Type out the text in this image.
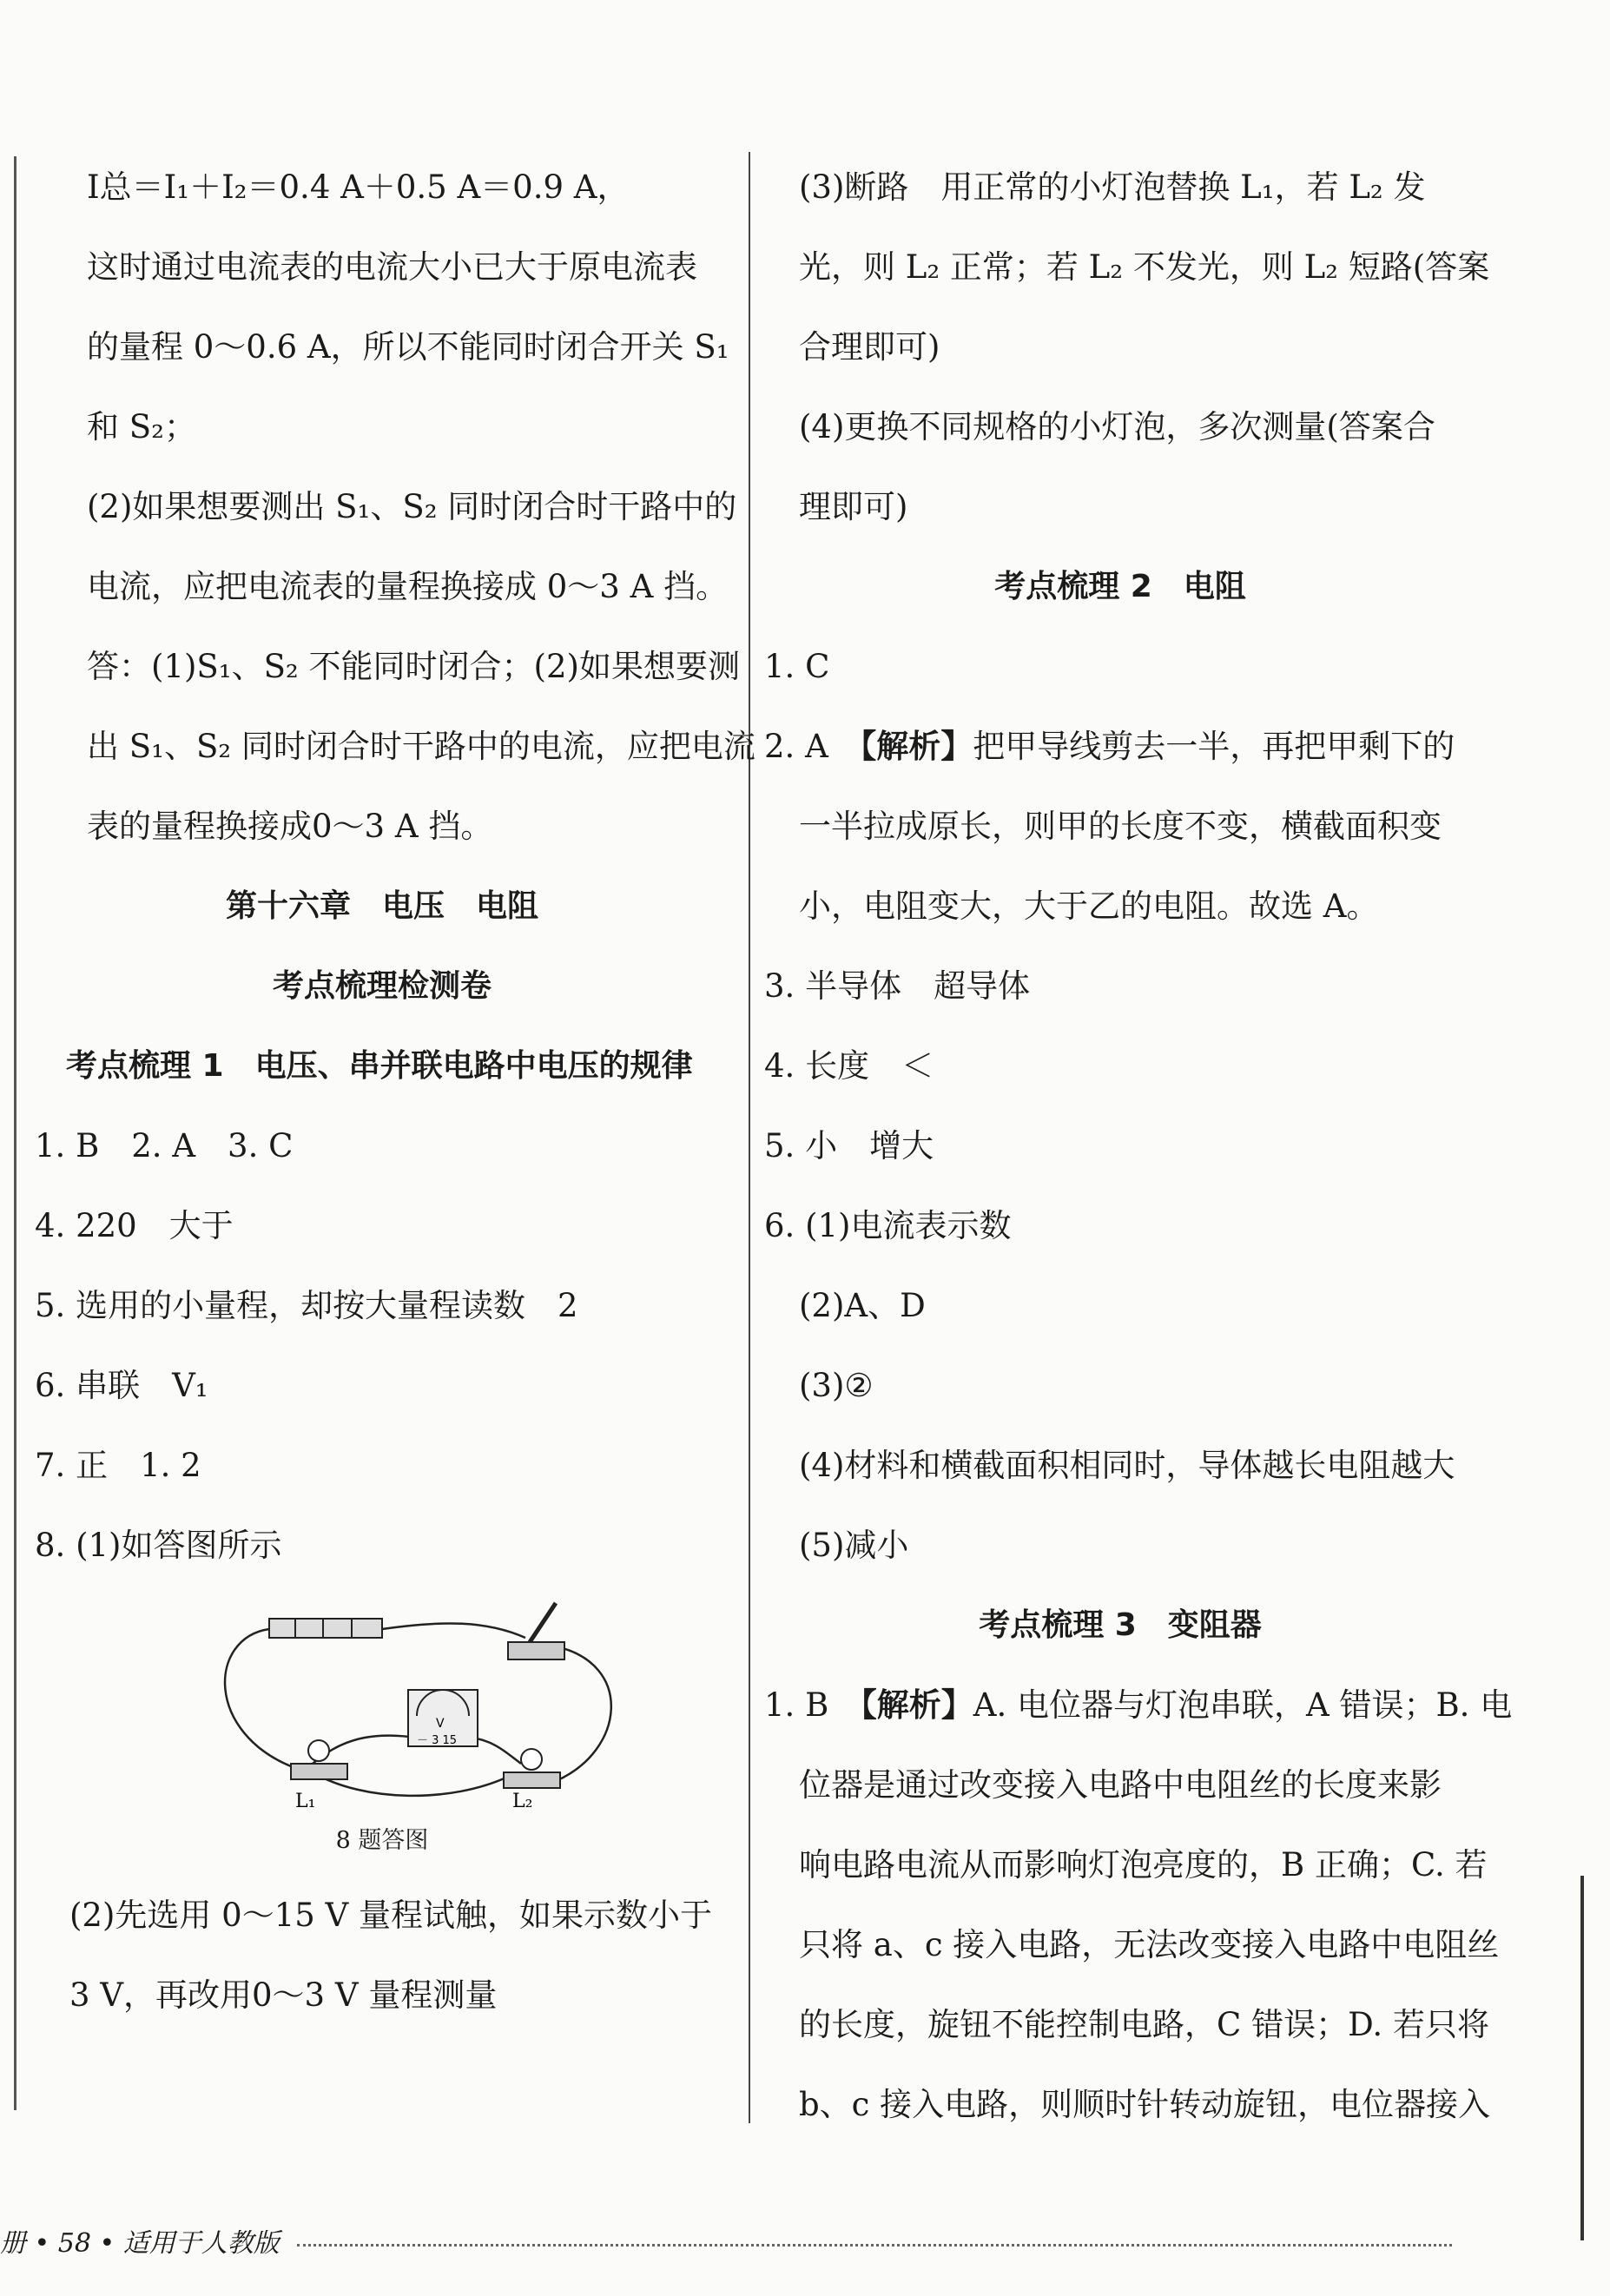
I总＝I₁＋I₂＝0.4 A＋0.5 A＝0.9 A，

这时通过电流表的电流大小已大于原电流表

的量程 0～0.6 A，所以不能同时闭合开关 S₁

和 S₂；

(2)如果想要测出 S₁、S₂ 同时闭合时干路中的

电流，应把电流表的量程换接成 0～3 A 挡。

答：(1)S₁、S₂ 不能同时闭合；(2)如果想要测

出 S₁、S₂ 同时闭合时干路中的电流，应把电流

表的量程换接成0～3 A 挡。

第十六章　电压　电阻

考点梳理检测卷

考点梳理 1　电压、串并联电路中电压的规律

1. B　2. A　3. C

4. 220　大于

5. 选用的小量程，却按大量程读数　2

6. 串联　V₁

7. 正　1. 2

8. (1)如答图所示

V
－ 3 15
L₁	L₂

8 题答图

(2)先选用 0～15 V 量程试触，如果示数小于

3 V，再改用0～3 V 量程测量

(3)断路　用正常的小灯泡替换 L₁，若 L₂ 发

光，则 L₂ 正常；若 L₂ 不发光，则 L₂ 短路(答案

合理即可)

(4)更换不同规格的小灯泡，多次测量(答案合

理即可)

考点梳理 2　电阻

1. C

2. A　【解析】把甲导线剪去一半，再把甲剩下的

一半拉成原长，则甲的长度不变，横截面积变

小，电阻变大，大于乙的电阻。故选 A。

3. 半导体　超导体

4. 长度　＜

5. 小　增大

6. (1)电流表示数

(2)A、D

(3)②

(4)材料和横截面积相同时，导体越长电阻越大

(5)减小

考点梳理 3　变阻器

1. B　【解析】A. 电位器与灯泡串联，A 错误；B. 电

位器是通过改变接入电路中电阻丝的长度来影

响电路电流从而影响灯泡亮度的，B 正确；C. 若

只将 a、c 接入电路，无法改变接入电路中电阻丝

的长度，旋钮不能控制电路，C 错误；D. 若只将

b、c 接入电路，则顺时针转动旋钮，电位器接入

册 • 58 • 适用于人教版
